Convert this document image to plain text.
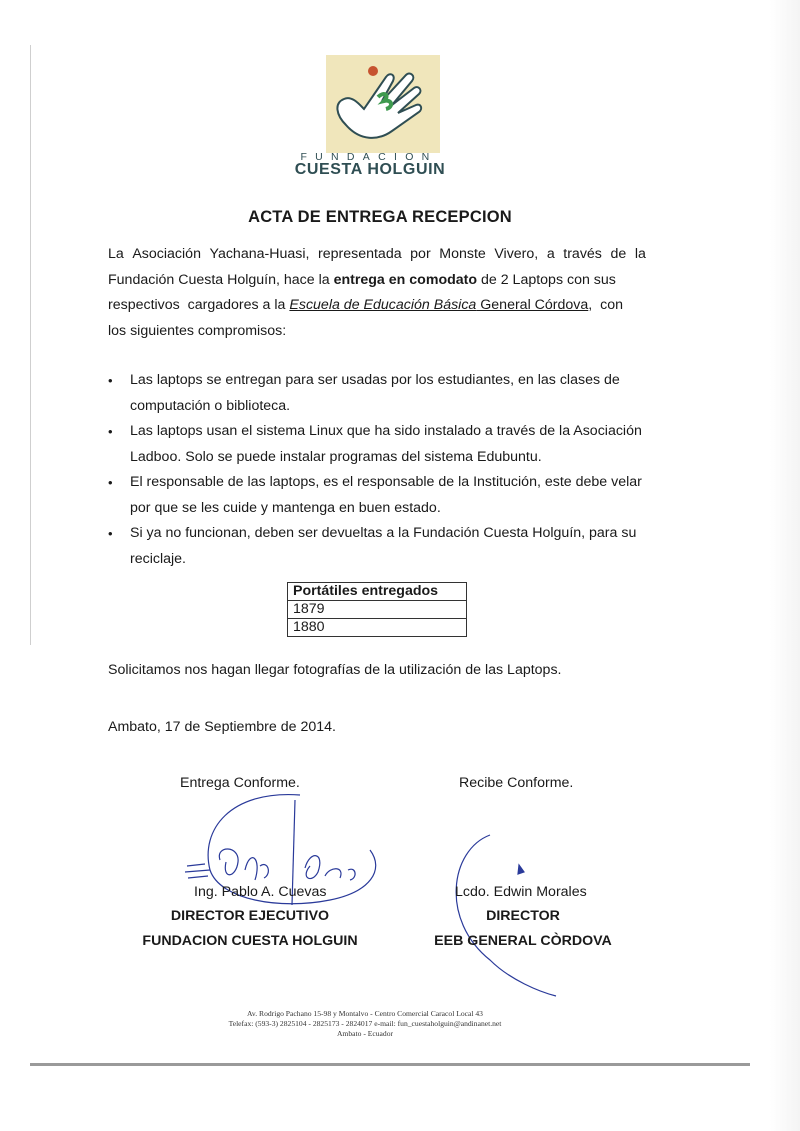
FUNDACION
CUESTA HOLGUIN
ACTA DE ENTREGA RECEPCION
La Asociación Yachana-Huasi, representada por Monste Vivero, a través de la
Fundación Cuesta Holguín, hace la entrega en comodato de 2 Laptops con sus
respectivos  cargadores a la Escuela de Educación Básica General Córdova,  con
los siguientes compromisos:
• Las laptops se entregan para ser usadas por los estudiantes, en las clases de computación o biblioteca.
• Las laptops usan el sistema Linux que ha sido instalado a través de la Asociación Ladboo. Solo se puede instalar programas del sistema Edubuntu.
• El responsable de las laptops, es el responsable de la Institución, este debe velar por que se les cuide y mantenga en buen estado.
• Si ya no funcionan, deben ser devueltas a la Fundación Cuesta Holguín, para su reciclaje.
Portátiles entregados
1879
1880
Solicitamos nos hagan llegar fotografías de la utilización de las Laptops.
Ambato, 17 de Septiembre de 2014.
Entrega Conforme.	Recibe Conforme.
Ing. Pablo A. Cuevas	Lcdo. Edwin Morales
DIRECTOR EJECUTIVO	DIRECTOR
FUNDACION CUESTA HOLGUIN	EEB GENERAL CÒRDOVA
Av. Rodrigo Pachano 15-98 y Montalvo - Centro Comercial Caracol Local 43
Telefax: (593-3) 2825104 - 2825173 - 2824017 e-mail: fun_cuestaholguin@andinanet.net
Ambato - Ecuador
